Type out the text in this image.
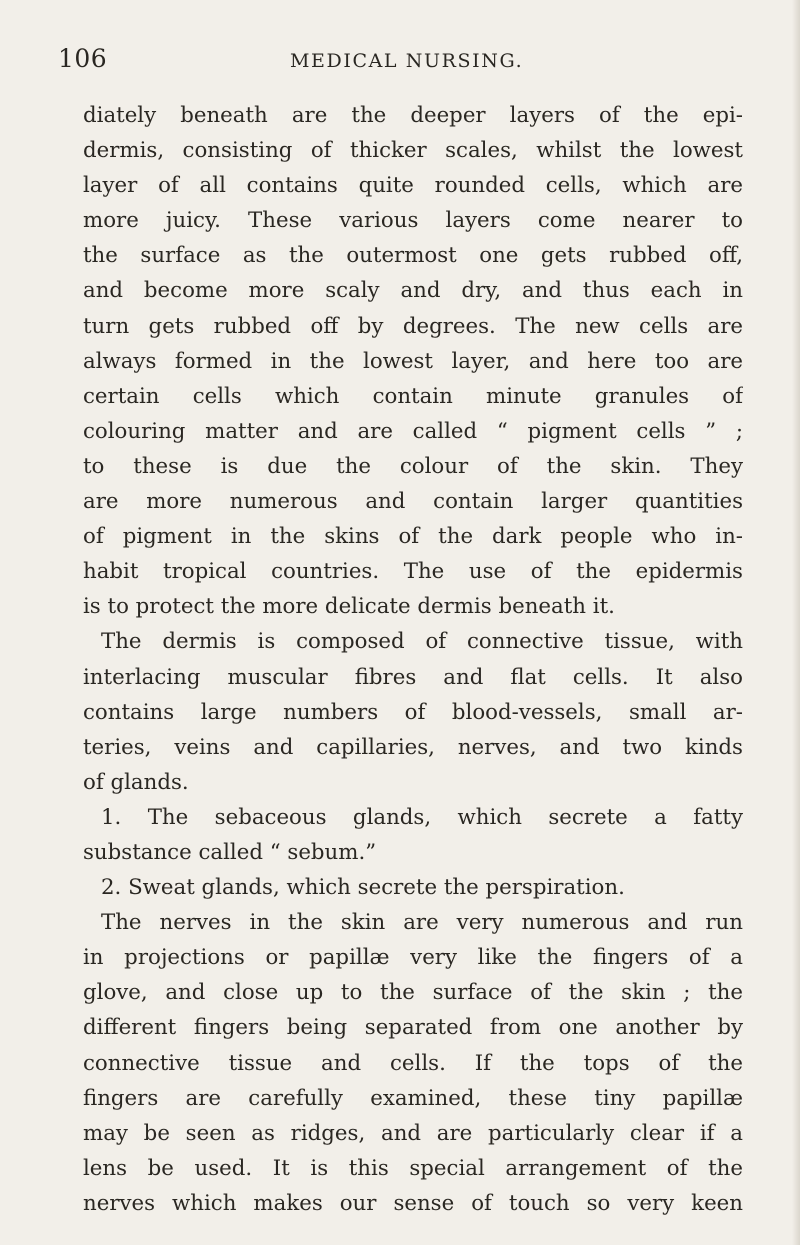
106	MEDICAL NURSING.
diately beneath are the deeper layers of the epi-
dermis, consisting of thicker scales, whilst the lowest
layer of all contains quite rounded cells, which are
more juicy. These various layers come nearer to
the surface as the outermost one gets rubbed off,
and become more scaly and dry, and thus each in
turn gets rubbed off by degrees. The new cells are
always formed in the lowest layer, and here too are
certain cells which contain minute granules of
colouring matter and are called “ pigment cells ” ;
to these is due the colour of the skin. They
are more numerous and contain larger quantities
of pigment in the skins of the dark people who in-
habit tropical countries. The use of the epidermis
is to protect the more delicate dermis beneath it.
The dermis is composed of connective tissue, with
interlacing muscular fibres and flat cells. It also
contains large numbers of blood-vessels, small ar-
teries, veins and capillaries, nerves, and two kinds
of glands.
1. The sebaceous glands, which secrete a fatty
substance called “ sebum.”
2. Sweat glands, which secrete the perspiration.
The nerves in the skin are very numerous and run
in projections or papillæ very like the fingers of a
glove, and close up to the surface of the skin ; the
different fingers being separated from one another by
connective tissue and cells. If the tops of the
fingers are carefully examined, these tiny papillæ
may be seen as ridges, and are particularly clear if a
lens be used. It is this special arrangement of the
nerves which makes our sense of touch so very keen
